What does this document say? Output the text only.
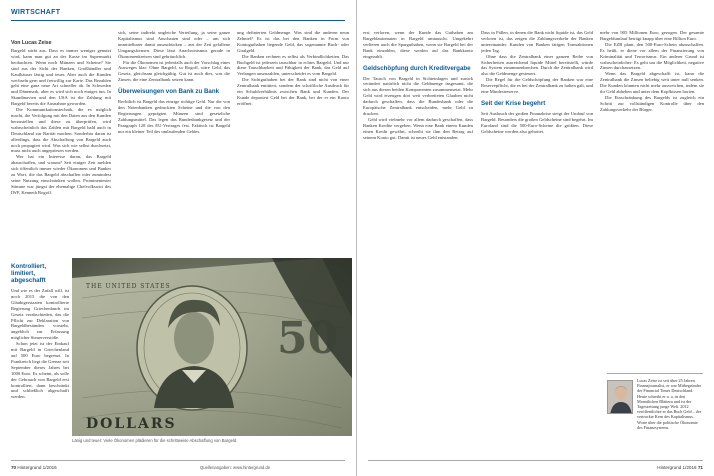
WIRTSCHAFT
Von Lucas Zeise

Bargeld stirbt aus. Dass es immer weniger genutzt wird, kann man gut an der Kasse im Supermarkt beobachten. Wenn noch Münzen und Scheine? Sie sind aus der Sicht der Banken, Großhändler und Kaufhäuser lästig und teuer. Aber auch die Kunden wechseln gern und freiwillig zur Karte. Das Bezahlen geht eine ganz neue Art schneller ab. In Schweden und Dänemark, aber es wird sich noch einiges tun. In Skandinavien und den USA ist die Zahlung mit Bargeld bereits die Ausnahme geworden.

Die Kommunikationstechnik, die es möglich macht, die Verfolgung mit den Daten aus den Kunden herzustellen und diese zu überprüfen, wird wahrscheinlich das Zahlen mit Bargeld bald auch in Deutschland zur Rarität machen. Sonderbar daran ist allerdings, dass die Abschaffung von Bargeld auch noch propagiert wird. Was sich wie selbst durchsetzt, muss nicht auch angepriesen werden.

Wer hat ein Interesse daran, das Bargeld abzuschaffen, und warum? Seit einiger Zeit melden sich öffentlich immer wieder Ökonomen und Banker zu Wort, die das Bargeld abschaffen oder zumindest seine Nutzung einschränken wollen. Prominentester Stimme war jüngst der ehemalige Chefvolkswirt des IWF, Kenneth Rogoff.

Kontrolliert, limitiert, abgeschafft

Und wie es der Zufall will, ist noch 2015 die von den Gläubigerstaaten kontrollierte Regierung Griechenlands im Gesetz verabschieden, das die Pflicht zur Deklaration von Bargeldbeständen vorsieht, angeblich zur Erfassung möglicher Steuerverstöße.

Schon jetzt ist der Einkauf mit Bargeld in Griechenland auf 500 Euro begrenzt. In Frankreich liegt die Grenze seit September dieses Jahres bei 1000 Euro. Es scheint, als solle der Gebrauch von Bargeld erst kontrolliert, dann beschränkt und schließlich abgeschafft werden.

sich, seine indirekt ungleiche Verteilung, ja seine ganze Kapitalismus sind Anschauen sind oder – um sich unmittelbarer damit auszudrücken – aus der Zeit gefallene Umgangsformen. Diese lässt Anachronismus gerade in Ökonomenkreisen sind gebräuchlich.

Für die Ökonomen ist jedenfalls auch der Vorschlag eines Ausweges klar: Ohne Bargeld, so Rogoff, wäre Geld, das Gesetz, gleichsam gleichgültig. Gut ist auch dies, was die Zinsen, die eine Zentralbank setzen kann.

Überweisungen von Bank zu Bank

Rechtlich ist Bargeld das einzige richtige Geld. Nur die von den Notenbanken gedruckten Scheine und die von den Regierungen geprägten Münzen sind gesetzliche Zahlungsmittel. Das legen das Bundesbankgesetz und der Paragraph 128 des EU-Vertrages fest. Faktisch ist Bargeld nur ein kleiner Teil des umlaufenden Geldes.

ung definierten Geldmenge. Was sind die anderen neun Zehntel? Es ist das bei den Banken in Form von Kontoguthaben liegende Geld, das sogenannte Buch- oder Giralgeld.

Die Banken rechnen es selbst als Verbindlichkeiten. Das Buchgeld ist jederzeit tauschbar in echtes Bargeld. Und nur diese Tauschbarkeit und Fähigkeit der Bank, das Geld auf Verlangen auszuzahlen, unterscheidet es vom Bargeld.

Die Sichtguthaben bei der Bank sind nicht von einer Zentralbank emittiert, sondern der schriftliche Ausdruck für ein Schuldverhältnis zwischen Bank und Kunden. Der Kunde deponiert Geld bei der Bank, bei der er ein Konto eröffnet.

70 Hintergrund 1/2016

erst verloren, wenn der Kunde das Guthaben am Bargeldautomaten in Bargeld umtauscht. Umgekehrt verlieren auch die Sparguthaben, wenn sie Bargeld bei der Bank einzahlen, diese werden auf das Bankkonto eingezahlt.

Geldschöpfung durch Kreditvergabe

Der Tausch von Bargeld in Sichteinlagen und zurück verändert natürlich nicht die Geldmenge insgesamt, die sich aus diesen beiden Komponenten zusammensetzt. Mehr Geld wird erzeugen dort weit verbreiteten Glauben nicht dadurch geschaffen, dass die Bundesbank oder die Europäische Zentralbank entscheiden, mehr Geld zu drucken.

Geld wird vielmehr vor allem dadurch geschaffen, dass Banken Kredite vergeben. Wenn eine Bank einem Kunden einen Kredit gewährt, schreibt sie ihm den Betrag auf seinem Konto gut. Damit ist neues Geld entstanden.

Dass in Fällen, in denen die Bank nicht liquide ist, das Geld verloren ist, das zeigen die Zahlungsverkehr der Banken untereinander. Kunden von Banken tätigen Transaktionen jeden Tag.

Ohne dass die Zentralbank einer ganzen Reihe von Sicherheiten ausreichend liquide Mittel bereitstellt, würde das System zusammenbrechen. Durch die Zentralbank wird also die Geldmenge gesteuert.

Die Regel für die Geldschöpfung der Banken war eine Reservepflicht, die es bei der Zentralbank zu halten galt, und eine Mindestreserve.

Seit der Krise begehrt

Seit Ausbruch der großen Finanzkrise steigt der Umlauf von Bargeld. Besonders die großen Geldscheine sind begehrt. Im Euroland sind die 500-Euro-Scheine die größten. Diese Geldscheine werden also gehortet.

mehr von 905 Millionen Euro, gezogen. Der gesamte Bargeldumlauf beträgt knapp über eine Billion Euro.

Die EZB plant, den 500-Euro-Schein abzuschaffen. Es heißt, er diene vor allem der Finanzierung von Kriminalität und Terrorismus. Ein anderer Grund ist wahrscheinlicher: Es geht um die Möglichkeit, negative Zinsen durchzusetzen.

Wenn das Bargeld abgeschafft ist, kann die Zentralbank die Zinsen beliebig weit unter null senken. Die Kunden könnten nicht mehr ausweichen, indem sie ihr Geld abheben und unter dem Kopfkissen horten.

Die Einschränkung des Bargelds ist zugleich ein Schritt zur vollständigen Kontrolle über den Zahlungsverkehr der Bürger.

Lucas Zeise ist seit über 25 Jahren Finanzjournalist, er war Mitbegründer der Financial Times Deutschland. Heute schreibt er u. a. in den Monatlichen Blättern und ist der Tageszeitung junge Welt. 2012 veröffentlichte er das Buch Geld – der vertrackte Kern des Kapitalismus. Worte über die politische Ökonomie des Finanzsystems.
Hintergrund 1/2016 71
50
DOLLARS
THE UNITED STATES
Länig und teuer: Viele Ökonomen plädieren für die schrittweise Abschaffung von Bargeld.
Quellenangaben: www.hintergrund.de
